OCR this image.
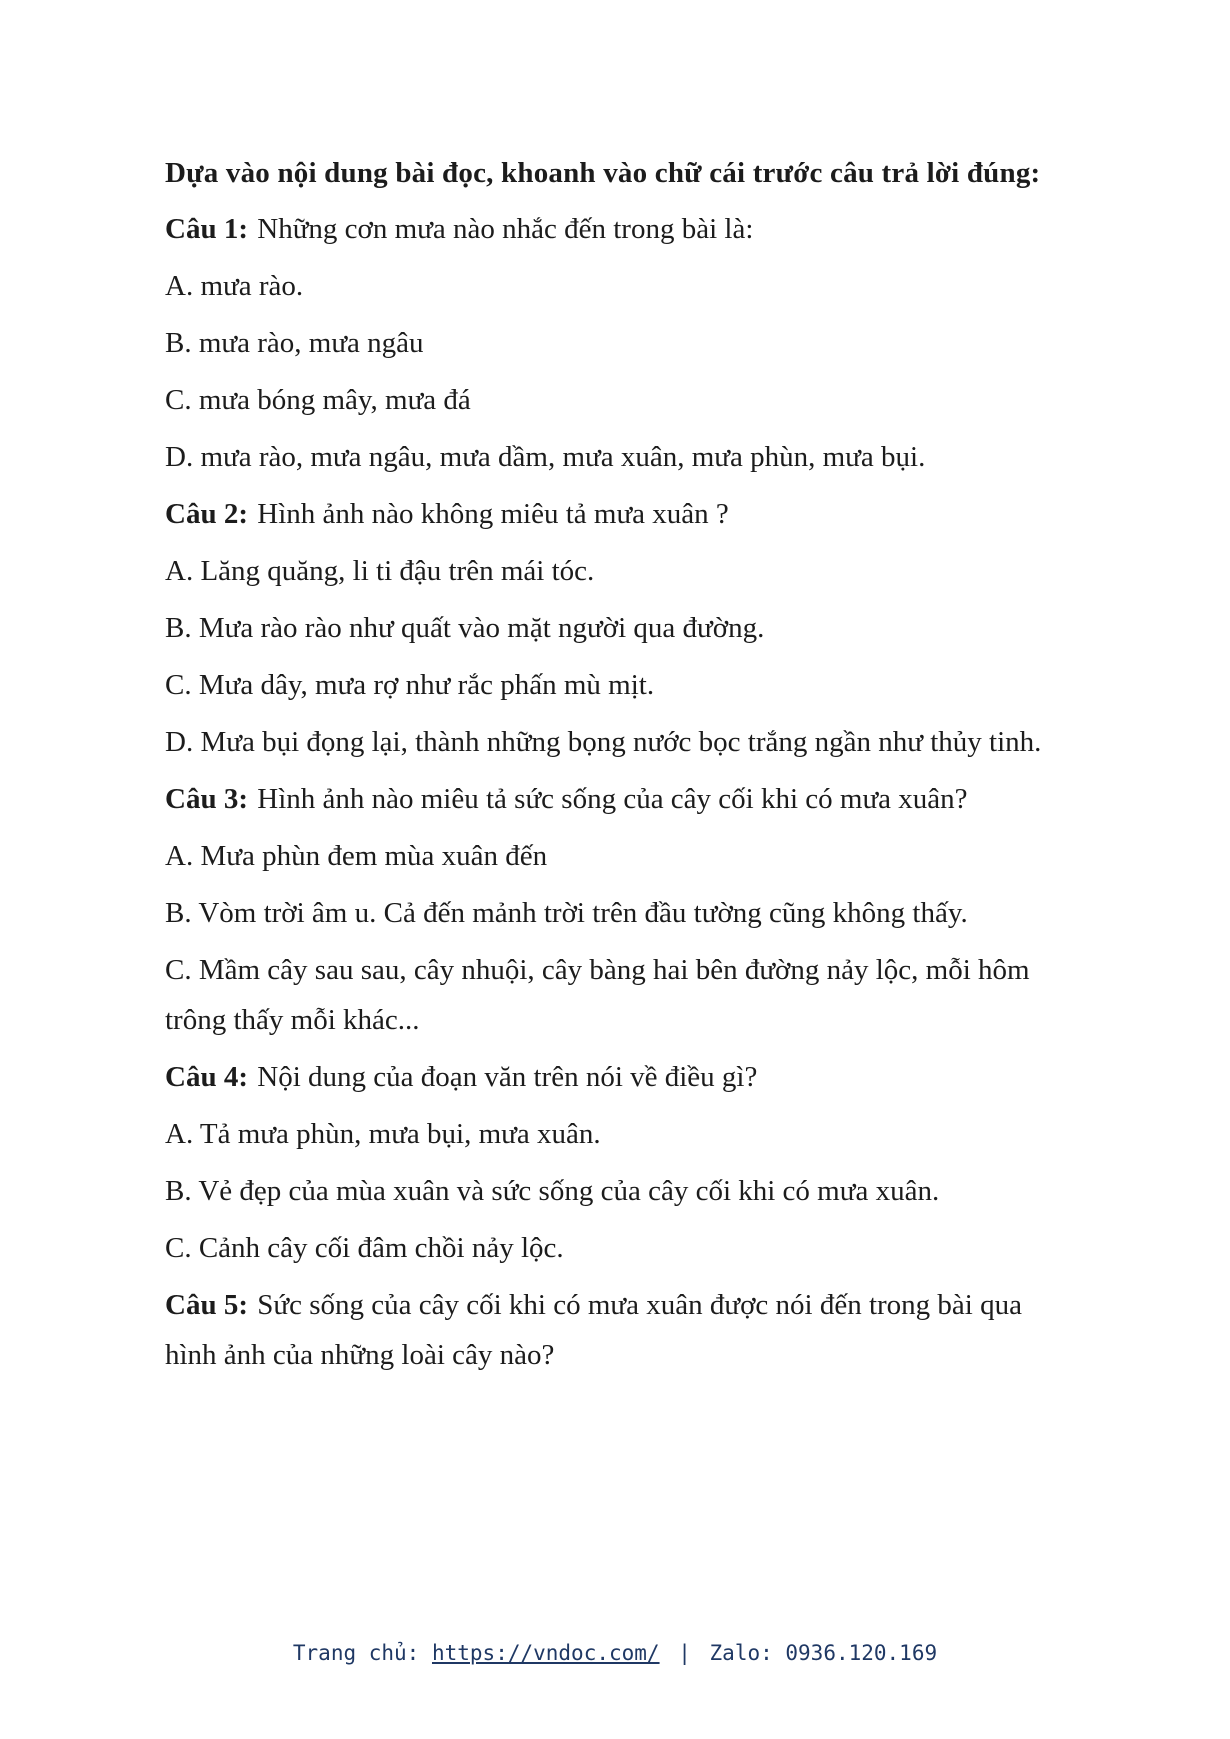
Dựa vào nội dung bài đọc, khoanh vào chữ cái trước câu trả lời đúng:

Câu 1: Những cơn mưa nào nhắc đến trong bài là:

A. mưa rào.

B. mưa rào, mưa ngâu

C. mưa bóng mây, mưa đá

D. mưa rào, mưa ngâu, mưa dầm, mưa xuân, mưa phùn, mưa bụi.

Câu 2: Hình ảnh nào không miêu tả mưa xuân ?

A. Lăng quăng, li ti đậu trên mái tóc.

B. Mưa rào rào như quất vào mặt người qua đường.

C. Mưa dây, mưa rợ như rắc phấn mù mịt.

D. Mưa bụi đọng lại, thành những bọng nước bọc trắng ngần như thủy tinh.

Câu 3: Hình ảnh nào miêu tả sức sống của cây cối khi có mưa xuân?

A. Mưa phùn đem mùa xuân đến

B. Vòm trời âm u. Cả đến mảnh trời trên đầu tường cũng không thấy.

C. Mầm cây sau sau, cây nhuội, cây bàng hai bên đường nảy lộc, mỗi hôm trông thấy mỗi khác...

Câu 4: Nội dung của đoạn văn trên nói về điều gì?

A. Tả mưa phùn, mưa bụi, mưa xuân.

B. Vẻ đẹp của mùa xuân và sức sống của cây cối khi có mưa xuân.

C. Cảnh cây cối đâm chồi nảy lộc.

Câu 5: Sức sống của cây cối khi có mưa xuân được nói đến trong bài qua hình ảnh của những loài cây nào?

Trang chủ: https://vndoc.com/ | Zalo: 0936.120.169
